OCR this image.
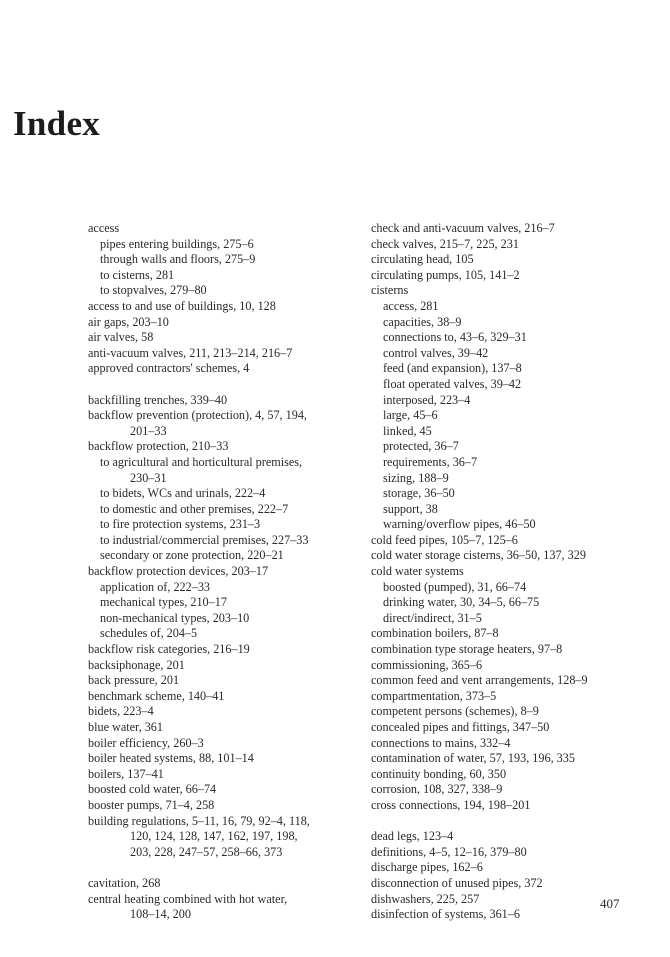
Index
access
pipes entering buildings, 275–6
through walls and floors, 275–9
to cisterns, 281
to stopvalves, 279–80
access to and use of buildings, 10, 128
air gaps, 203–10
air valves, 58
anti-vacuum valves, 211, 213–214, 216–7
approved contractors' schemes, 4
backfilling trenches, 339–40
backflow prevention (protection), 4, 57, 194,
201–33
backflow protection, 210–33
to agricultural and horticultural premises,
230–31
to bidets, WCs and urinals, 222–4
to domestic and other premises, 222–7
to fire protection systems, 231–3
to industrial/commercial premises, 227–33
secondary or zone protection, 220–21
backflow protection devices, 203–17
application of, 222–33
mechanical types, 210–17
non-mechanical types, 203–10
schedules of, 204–5
backflow risk categories, 216–19
backsiphonage, 201
back pressure, 201
benchmark scheme, 140–41
bidets, 223–4
blue water, 361
boiler efficiency, 260–3
boiler heated systems, 88, 101–14
boilers, 137–41
boosted cold water, 66–74
booster pumps, 71–4, 258
building regulations, 5–11, 16, 79, 92–4, 118,
120, 124, 128, 147, 162, 197, 198,
203, 228, 247–57, 258–66, 373
cavitation, 268
central heating combined with hot water,
108–14, 200
check and anti-vacuum valves, 216–7
check valves, 215–7, 225, 231
circulating head, 105
circulating pumps, 105, 141–2
cisterns
access, 281
capacities, 38–9
connections to, 43–6, 329–31
control valves, 39–42
feed (and expansion), 137–8
float operated valves, 39–42
interposed, 223–4
large, 45–6
linked, 45
protected, 36–7
requirements, 36–7
sizing, 188–9
storage, 36–50
support, 38
warning/overflow pipes, 46–50
cold feed pipes, 105–7, 125–6
cold water storage cisterns, 36–50, 137, 329
cold water systems
boosted (pumped), 31, 66–74
drinking water, 30, 34–5, 66–75
direct/indirect, 31–5
combination boilers, 87–8
combination type storage heaters, 97–8
commissioning, 365–6
common feed and vent arrangements, 128–9
compartmentation, 373–5
competent persons (schemes), 8–9
concealed pipes and fittings, 347–50
connections to mains, 332–4
contamination of water, 57, 193, 196, 335
continuity bonding, 60, 350
corrosion, 108, 327, 338–9
cross connections, 194, 198–201
dead legs, 123–4
definitions, 4–5, 12–16, 379–80
discharge pipes, 162–6
disconnection of unused pipes, 372
dishwashers, 225, 257
disinfection of systems, 361–6
407
